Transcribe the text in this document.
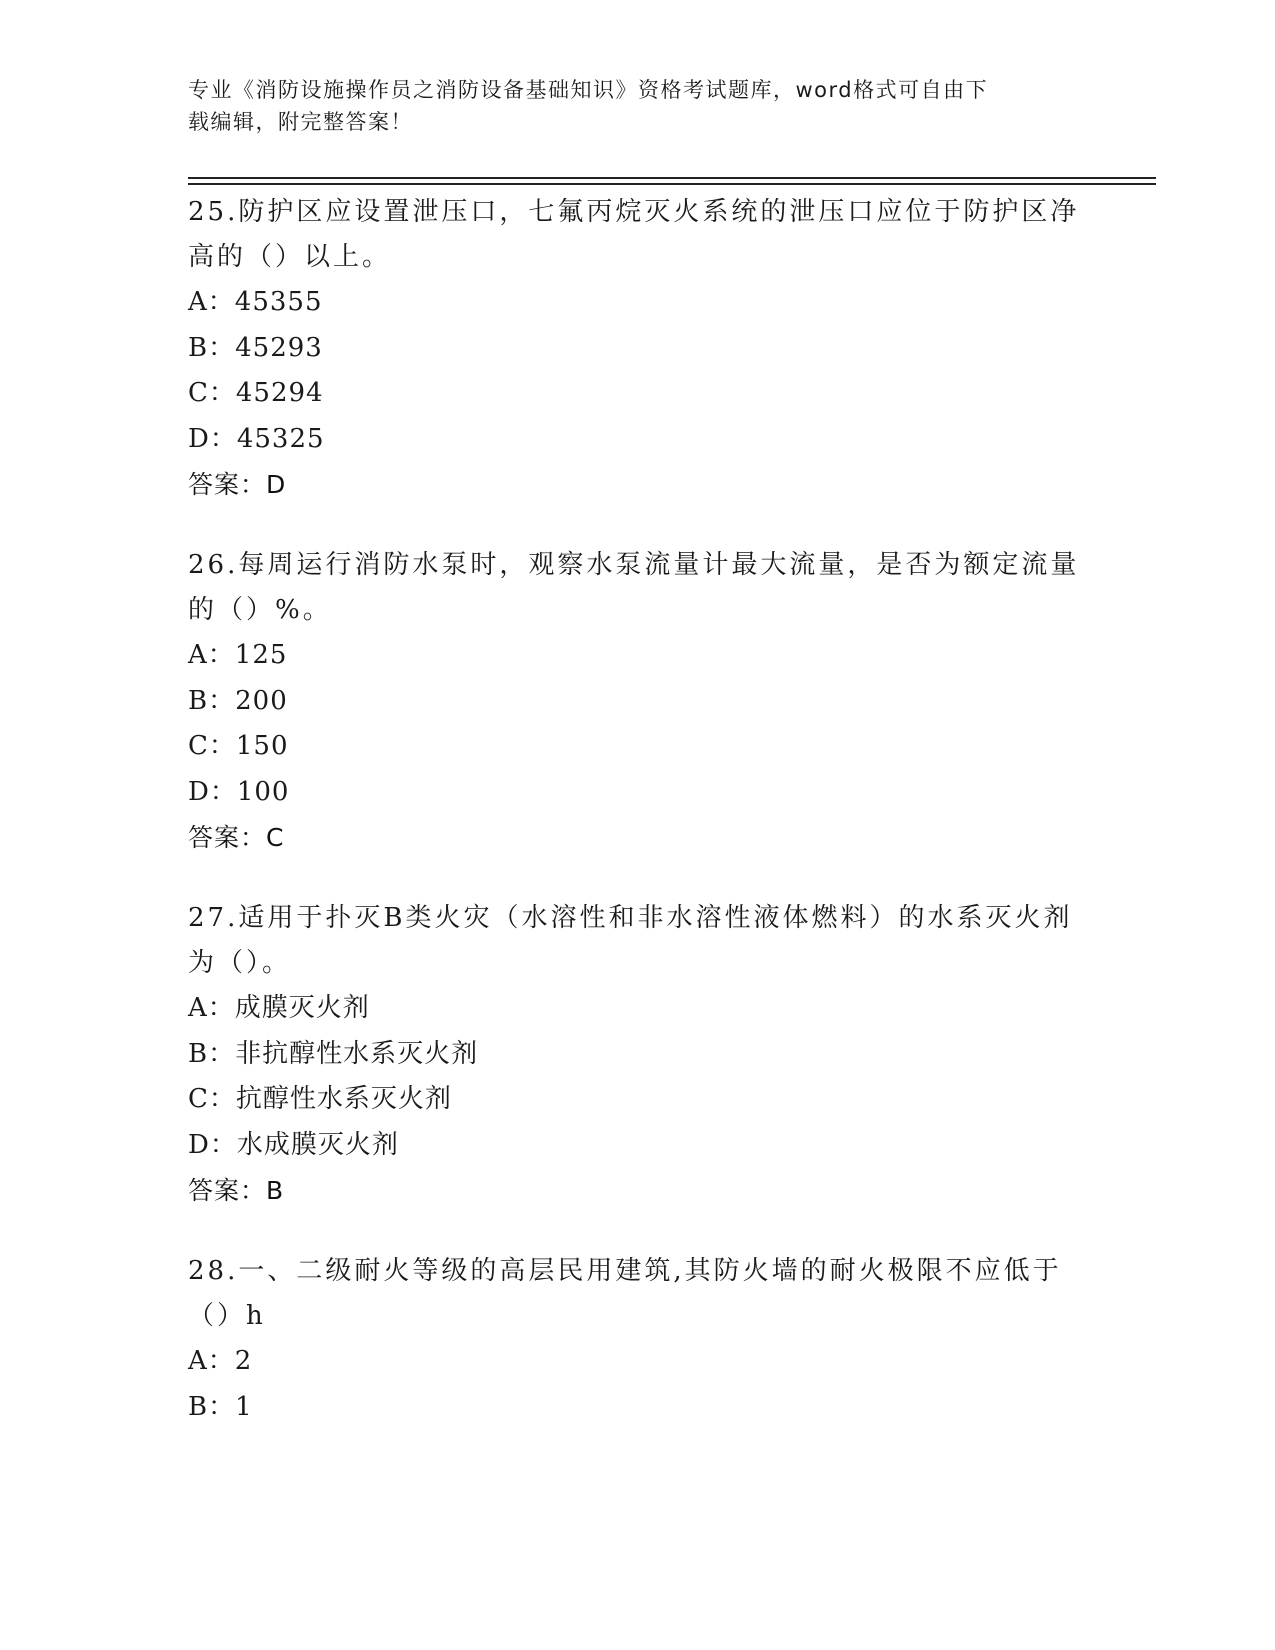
专业《消防设施操作员之消防设备基础知识》资格考试题库，word格式可自由下
载编辑，附完整答案！

25.防护区应设置泄压口，七氟丙烷灭火系统的泄压口应位于防护区净高的（）以上。

A：45355

B：45293

C：45294

D：45325

答案：D

26.每周运行消防水泵时，观察水泵流量计最大流量，是否为额定流量的（）%。

A：125

B：200

C：150

D：100

答案：C

27.适用于扑灭B类火灾（水溶性和非水溶性液体燃料）的水系灭火剂为（）。

A：成膜灭火剂

B：非抗醇性水系灭火剂

C：抗醇性水系灭火剂

D：水成膜灭火剂

答案：B

28.一、二级耐火等级的高层民用建筑,其防火墙的耐火极限不应低于（）h

A：2

B：1
